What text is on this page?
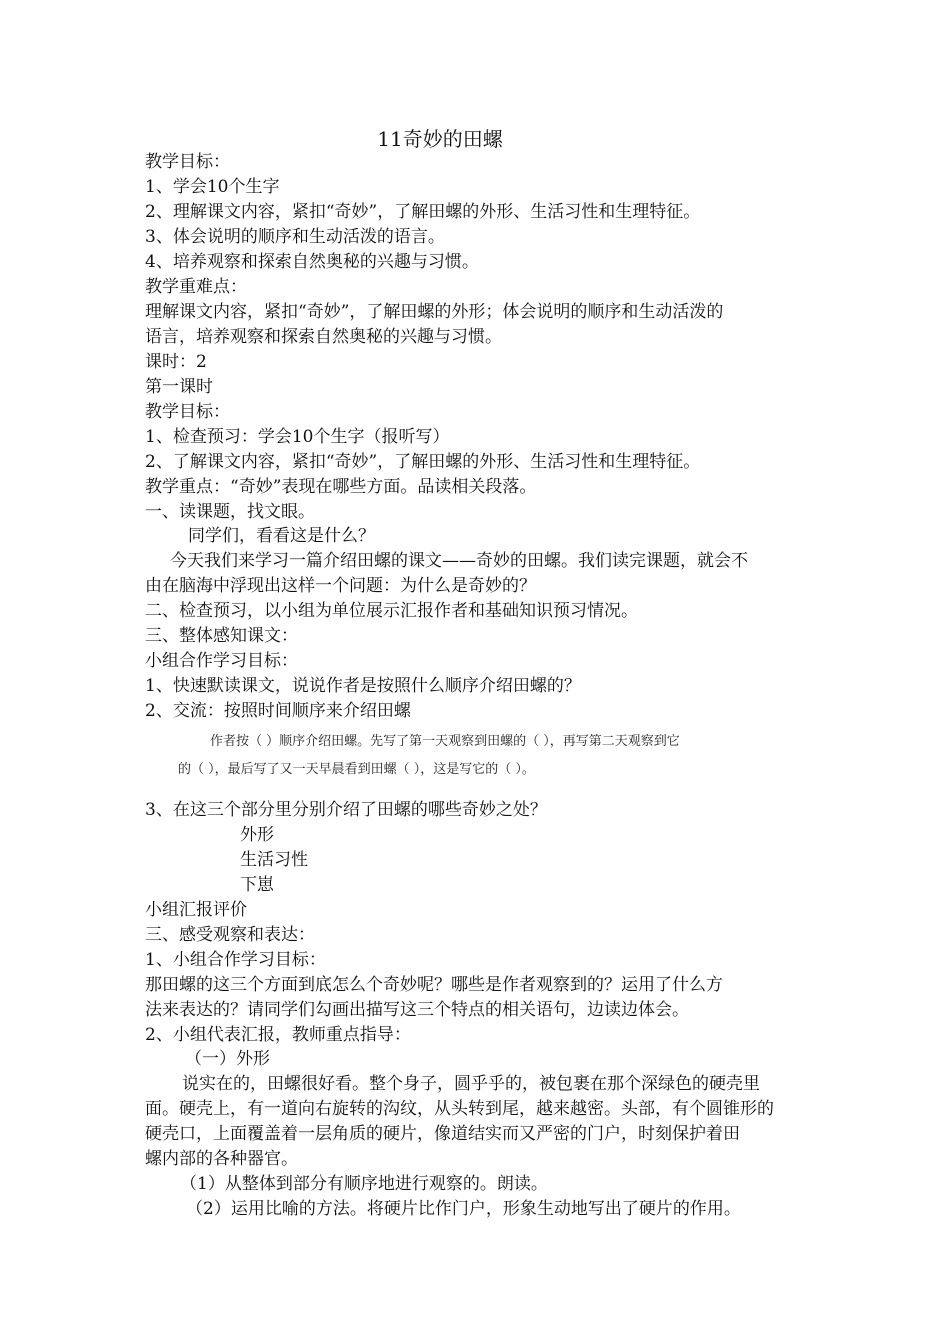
11奇妙的田螺
教学目标：
1、学会10个生字
2、理解课文内容，紧扣“奇妙”，了解田螺的外形、生活习性和生理特征。
3、体会说明的顺序和生动活泼的语言。
4、培养观察和探索自然奥秘的兴趣与习惯。
教学重难点：
理解课文内容，紧扣“奇妙”，了解田螺的外形；体会说明的顺序和生动活泼的
语言，培养观察和探索自然奥秘的兴趣与习惯。
课时：2
第一课时
教学目标：
1、检查预习：学会10个生字（报听写）
2、了解课文内容，紧扣“奇妙”，了解田螺的外形、生活习性和生理特征。
教学重点：“奇妙”表现在哪些方面。品读相关段落。
一、读课题，找文眼。
同学们，看看这是什么？
今天我们来学习一篇介绍田螺的课文——奇妙的田螺。我们读完课题，就会不
由在脑海中浮现出这样一个问题：为什么是奇妙的？
二、检查预习，以小组为单位展示汇报作者和基础知识预习情况。
三、整体感知课文：
小组合作学习目标：
1、快速默读课文，说说作者是按照什么顺序介绍田螺的？
2、交流：按照时间顺序来介绍田螺
作者按（ ）顺序介绍田螺。先写了第一天观察到田螺的（ ），再写第二天观察到它
的（ ），最后写了又一天早晨看到田螺（ ），这是写它的（ ）。
3、在这三个部分里分别介绍了田螺的哪些奇妙之处？
外形
生活习性
下崽
小组汇报评价
三、感受观察和表达：
1、小组合作学习目标：
那田螺的这三个方面到底怎么个奇妙呢？哪些是作者观察到的？运用了什么方
法来表达的？请同学们勾画出描写这三个特点的相关语句，边读边体会。
2、小组代表汇报，教师重点指导：
（一）外形
说实在的，田螺很好看。整个身子，圆乎乎的，被包裹在那个深绿色的硬壳里
面。硬壳上，有一道向右旋转的沟纹，从头转到尾，越来越密。头部，有个圆锥形的
硬壳口，上面覆盖着一层角质的硬片，像道结实而又严密的门户，时刻保护着田
螺内部的各种器官。
（1）从整体到部分有顺序地进行观察的。朗读。
（2）运用比喻的方法。将硬片比作门户，形象生动地写出了硬片的作用。
